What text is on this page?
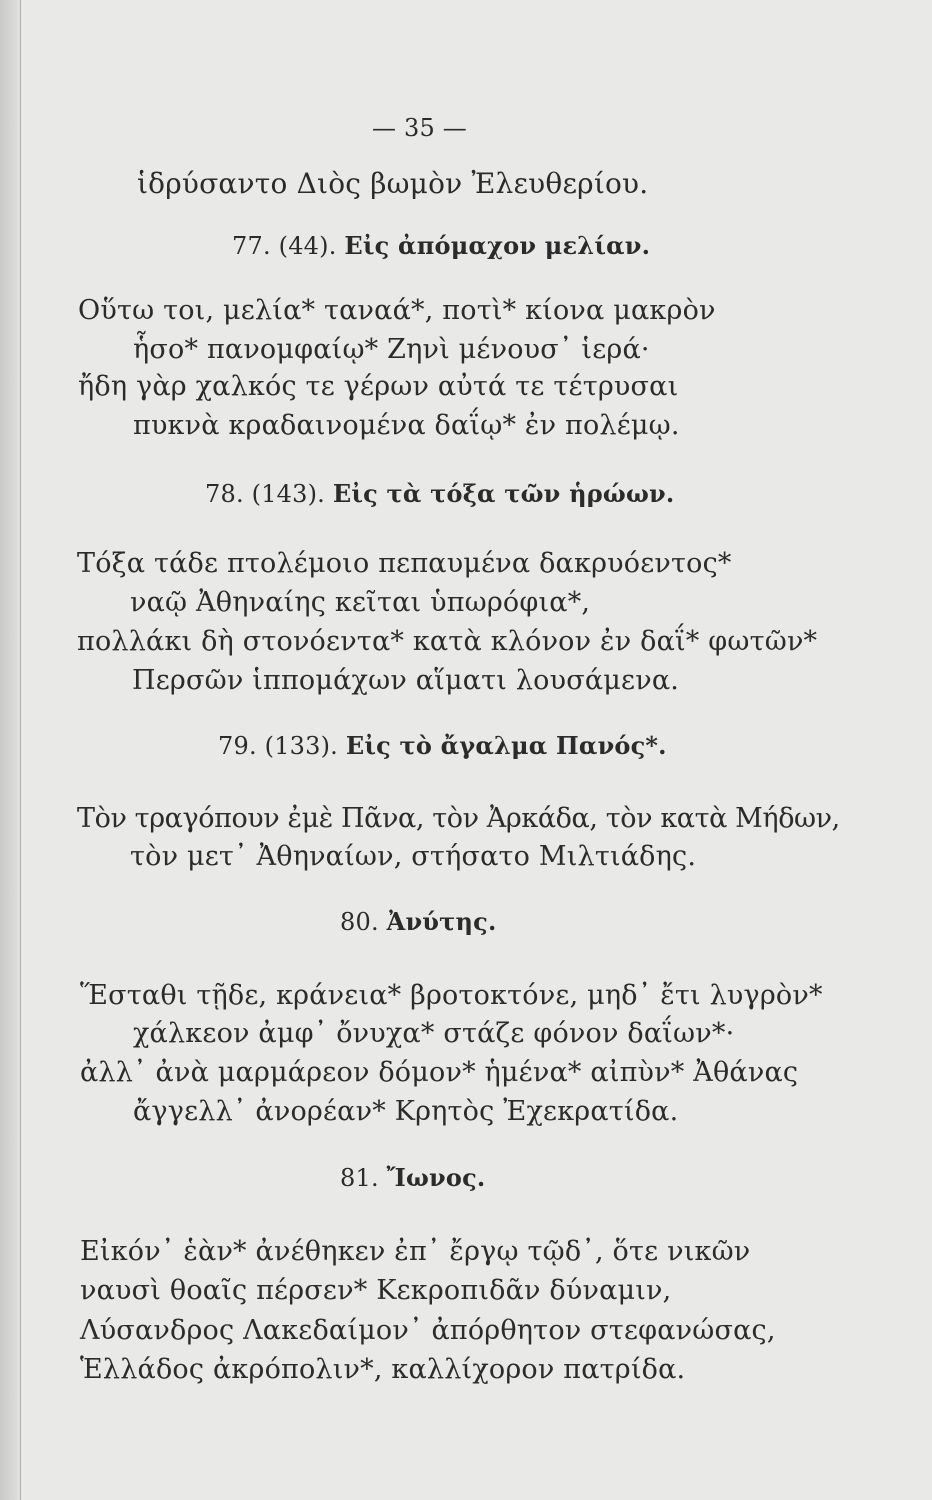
— 35 —
ἱδρύσαντο Διὸς βωμὸν Ἐλευθερίου.
77. (44). Εἰς ἀπόμαχον μελίαν.
Οὕτω τοι, μελία* ταναά*, ποτὶ* κίονα μακρὸν
ἧσο* πανομφαίῳ* Ζηνὶ μένουσ᾽ ἱερά·
ἤδη γὰρ χαλκός τε γέρων αὐτά τε τέτρυσαι
πυκνὰ κραδαινομένα δαΐῳ* ἐν πολέμῳ.
78. (143). Εἰς τὰ τόξα τῶν ἡρώων.
Τόξα τάδε πτολέμοιο πεπαυμένα δακρυόεντος*
ναῷ Ἀθηναίης κεῖται ὑπωρόφια*,
πολλάκι δὴ στονόεντα* κατὰ κλόνον ἐν δαΐ* φωτῶν*
Περσῶν ἱππομάχων αἵματι λουσάμενα.
79. (133). Εἰς τὸ ἄγαλμα Πανός*.
Τὸν τραγόπουν ἐμὲ Πᾶνα, τὸν Ἀρκάδα, τὸν κατὰ Μήδων,
τὸν μετ᾽ Ἀθηναίων, στήσατο Μιλτιάδης.
80. Ἀνύτης.
Ἕσταθι τῇδε, κράνεια* βροτοκτόνε, μηδ᾽ ἔτι λυγρὸν*
χάλκεον ἀμφ᾽ ὄνυχα* στάζε φόνον δαΐων*·
ἀλλ᾽ ἀνὰ μαρμάρεον δόμον* ἡμένα* αἰπὺν* Ἀθάνας
ἄγγελλ᾽ ἀνορέαν* Κρητὸς Ἐχεκρατίδα.
81. Ἴωνος.
Εἰκόν᾽ ἑὰν* ἀνέθηκεν ἐπ᾽ ἔργῳ τῷδ᾽, ὅτε νικῶν
ναυσὶ θοαῖς πέρσεν* Κεκροπιδᾶν δύναμιν,
Λύσανδρος Λακεδαίμον᾽ ἀπόρθητον στεφανώσας,
Ἑλλάδος ἀκρόπολιν*, καλλίχορον πατρίδα.
